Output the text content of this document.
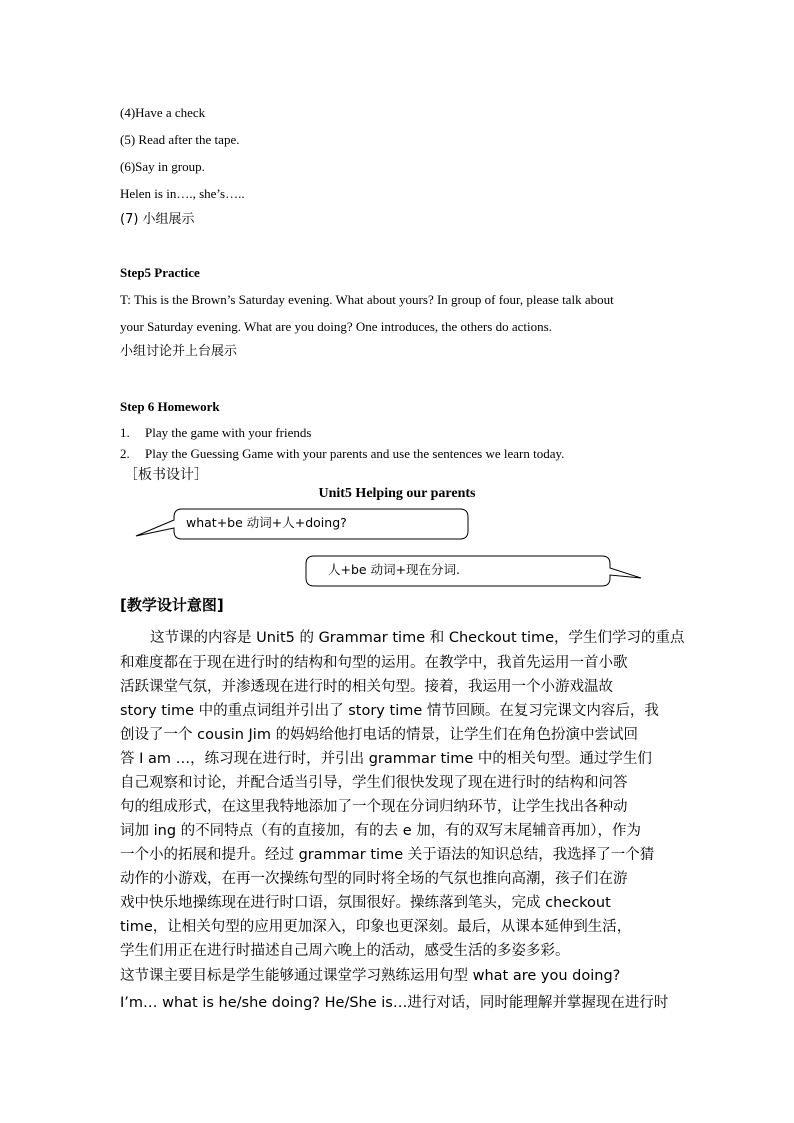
(4)Have a check
(5) Read after the tape.
(6)Say in group.
Helen is in…., she’s…..
(7) 小组展示
Step5 Practice
T: This is the Brown’s Saturday evening. What about yours? In group of four, please talk about
your Saturday evening. What are you doing? One introduces, the others do actions.
小组讨论并上台展示
Step 6 Homework
1. Play the game with your friends
2. Play the Guessing Game with your parents and use the sentences we learn today.
［板书设计］
Unit5 Helping our parents
what+be 动词+人+doing?
人+be 动词+现在分词.
[教学设计意图]
这节课的内容是 Unit5 的 Grammar time 和 Checkout time，学生们学习的重点
和难度都在于现在进行时的结构和句型的运用。在教学中，我首先运用一首小歌
活跃课堂气氛，并渗透现在进行时的相关句型。接着，我运用一个小游戏温故
story time 中的重点词组并引出了 story time 情节回顾。在复习完课文内容后，我
创设了一个 cousin Jim 的妈妈给他打电话的情景，让学生们在角色扮演中尝试回
答 I am …，练习现在进行时，并引出 grammar time 中的相关句型。通过学生们
自己观察和讨论，并配合适当引导，学生们很快发现了现在进行时的结构和问答
句的组成形式，在这里我特地添加了一个现在分词归纳环节，让学生找出各种动
词加 ing 的不同特点（有的直接加，有的去 e 加，有的双写末尾辅音再加），作为
一个小的拓展和提升。经过 grammar time 关于语法的知识总结，我选择了一个猜
动作的小游戏，在再一次操练句型的同时将全场的气氛也推向高潮，孩子们在游
戏中快乐地操练现在进行时口语，氛围很好。操练落到笔头，完成 checkout
time，让相关句型的应用更加深入，印象也更深刻。最后，从课本延伸到生活，
学生们用正在进行时描述自己周六晚上的活动，感受生活的多姿多彩。
这节课主要目标是学生能够通过课堂学习熟练运用句型 what are you doing?
I’m… what is he/she doing? He/She is…进行对话，同时能理解并掌握现在进行时
